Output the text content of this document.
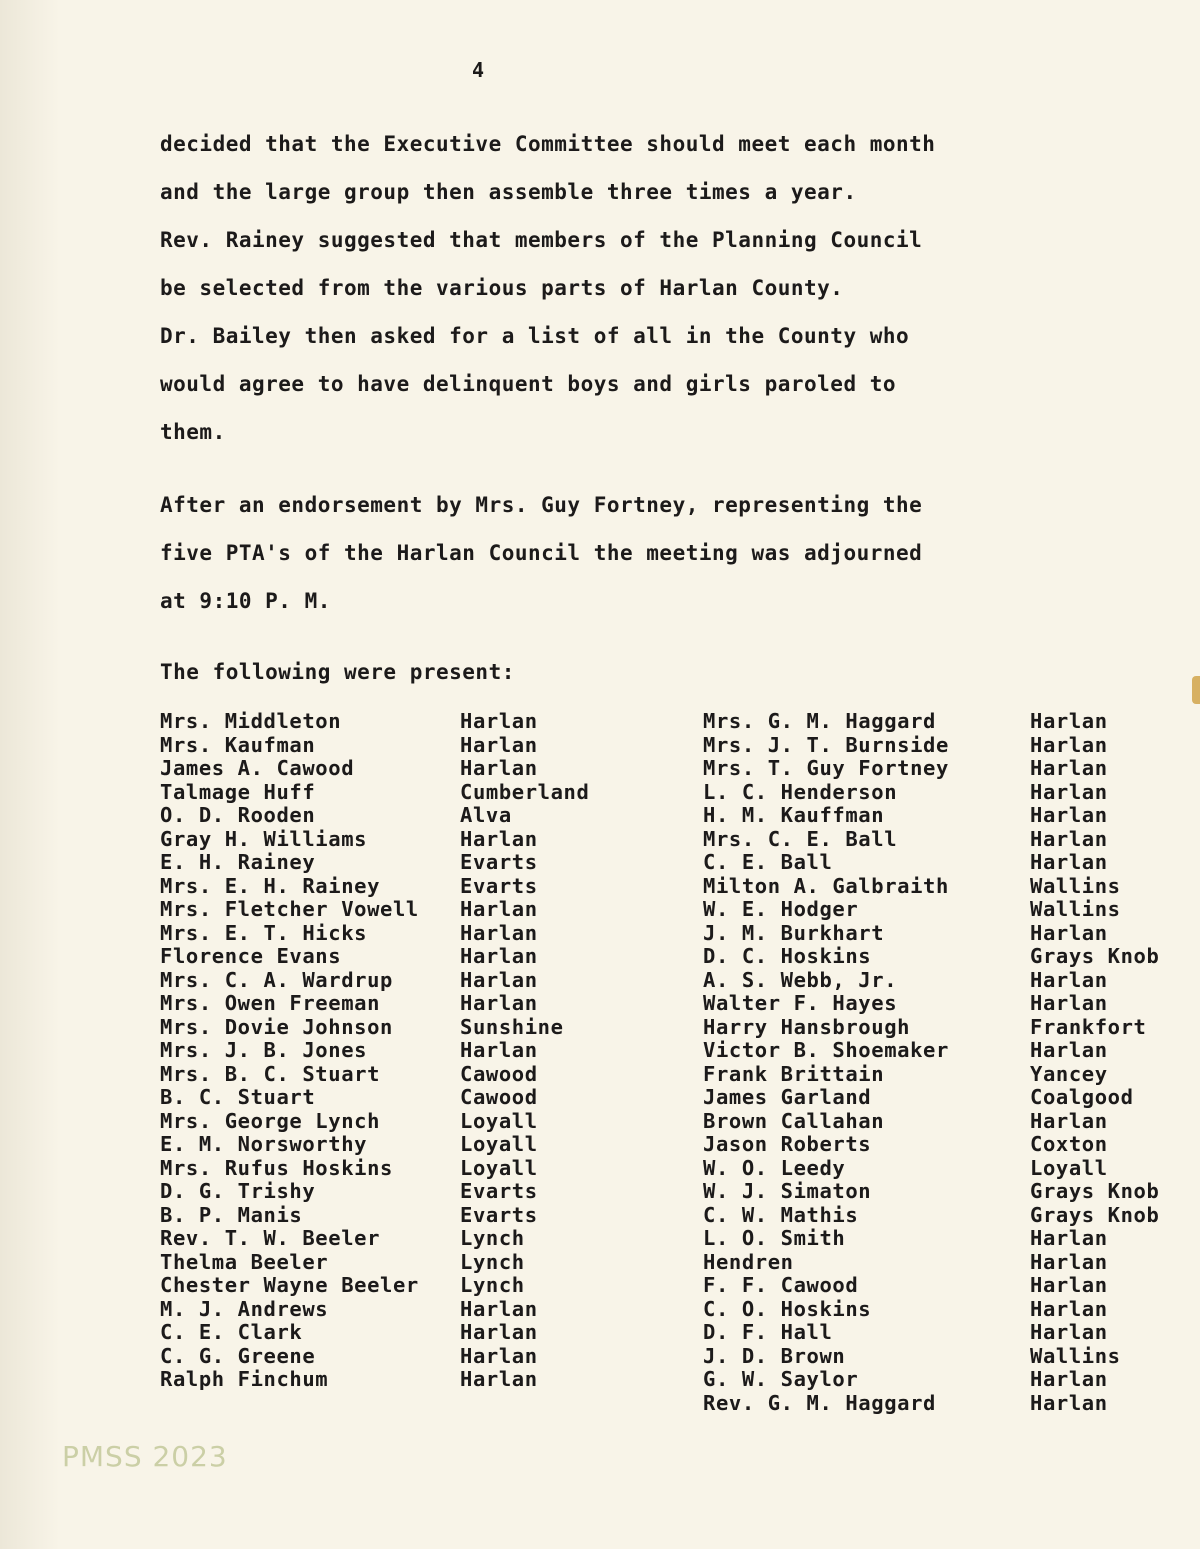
4
decided that the Executive Committee should meet each month
and the large group then assemble three times a year.
Rev. Rainey suggested that members of the Planning Council
be selected from the various parts of Harlan County.
Dr. Bailey then asked for a list of all in the County who
would agree to have delinquent boys and girls paroled to
them.
After an endorsement by Mrs. Guy Fortney, representing the
five PTA's of the Harlan Council the meeting was adjourned
at 9:10 P. M.
The following were present:
Mrs. Middleton	Harlan
Mrs. Kaufman	Harlan
James A. Cawood	Harlan
Talmage Huff	Cumberland
O. D. Rooden	Alva
Gray H. Williams	Harlan
E. H. Rainey	Evarts
Mrs. E. H. Rainey	Evarts
Mrs. Fletcher Vowell	Harlan
Mrs. E. T. Hicks	Harlan
Florence Evans	Harlan
Mrs. C. A. Wardrup	Harlan
Mrs. Owen Freeman	Harlan
Mrs. Dovie Johnson	Sunshine
Mrs. J. B. Jones	Harlan
Mrs. B. C. Stuart	Cawood
B. C. Stuart	Cawood
Mrs. George Lynch	Loyall
E. M. Norsworthy	Loyall
Mrs. Rufus Hoskins	Loyall
D. G. Trishy	Evarts
B. P. Manis	Evarts
Rev. T. W. Beeler	Lynch
Thelma Beeler	Lynch
Chester Wayne Beeler	Lynch
M. J. Andrews	Harlan
C. E. Clark	Harlan
C. G. Greene	Harlan
Ralph Finchum	Harlan
Mrs. G. M. Haggard	Harlan
Mrs. J. T. Burnside	Harlan
Mrs. T. Guy Fortney	Harlan
L. C. Henderson	Harlan
H. M. Kauffman	Harlan
Mrs. C. E. Ball	Harlan
C. E. Ball	Harlan
Milton A. Galbraith	Wallins
W. E. Hodger	Wallins
J. M. Burkhart	Harlan
D. C. Hoskins	Grays Knob
A. S. Webb, Jr.	Harlan
Walter F. Hayes	Harlan
Harry Hansbrough	Frankfort
Victor B. Shoemaker	Harlan
Frank Brittain	Yancey
James Garland	Coalgood
Brown Callahan	Harlan
Jason Roberts	Coxton
W. O. Leedy	Loyall
W. J. Simaton	Grays Knob
C. W. Mathis	Grays Knob
L. O. Smith	Harlan
Hendren	Harlan
F. F. Cawood	Harlan
C. O. Hoskins	Harlan
D. F. Hall	Harlan
J. D. Brown	Wallins
G. W. Saylor	Harlan
Rev. G. M. Haggard	Harlan
PMSS 2023
